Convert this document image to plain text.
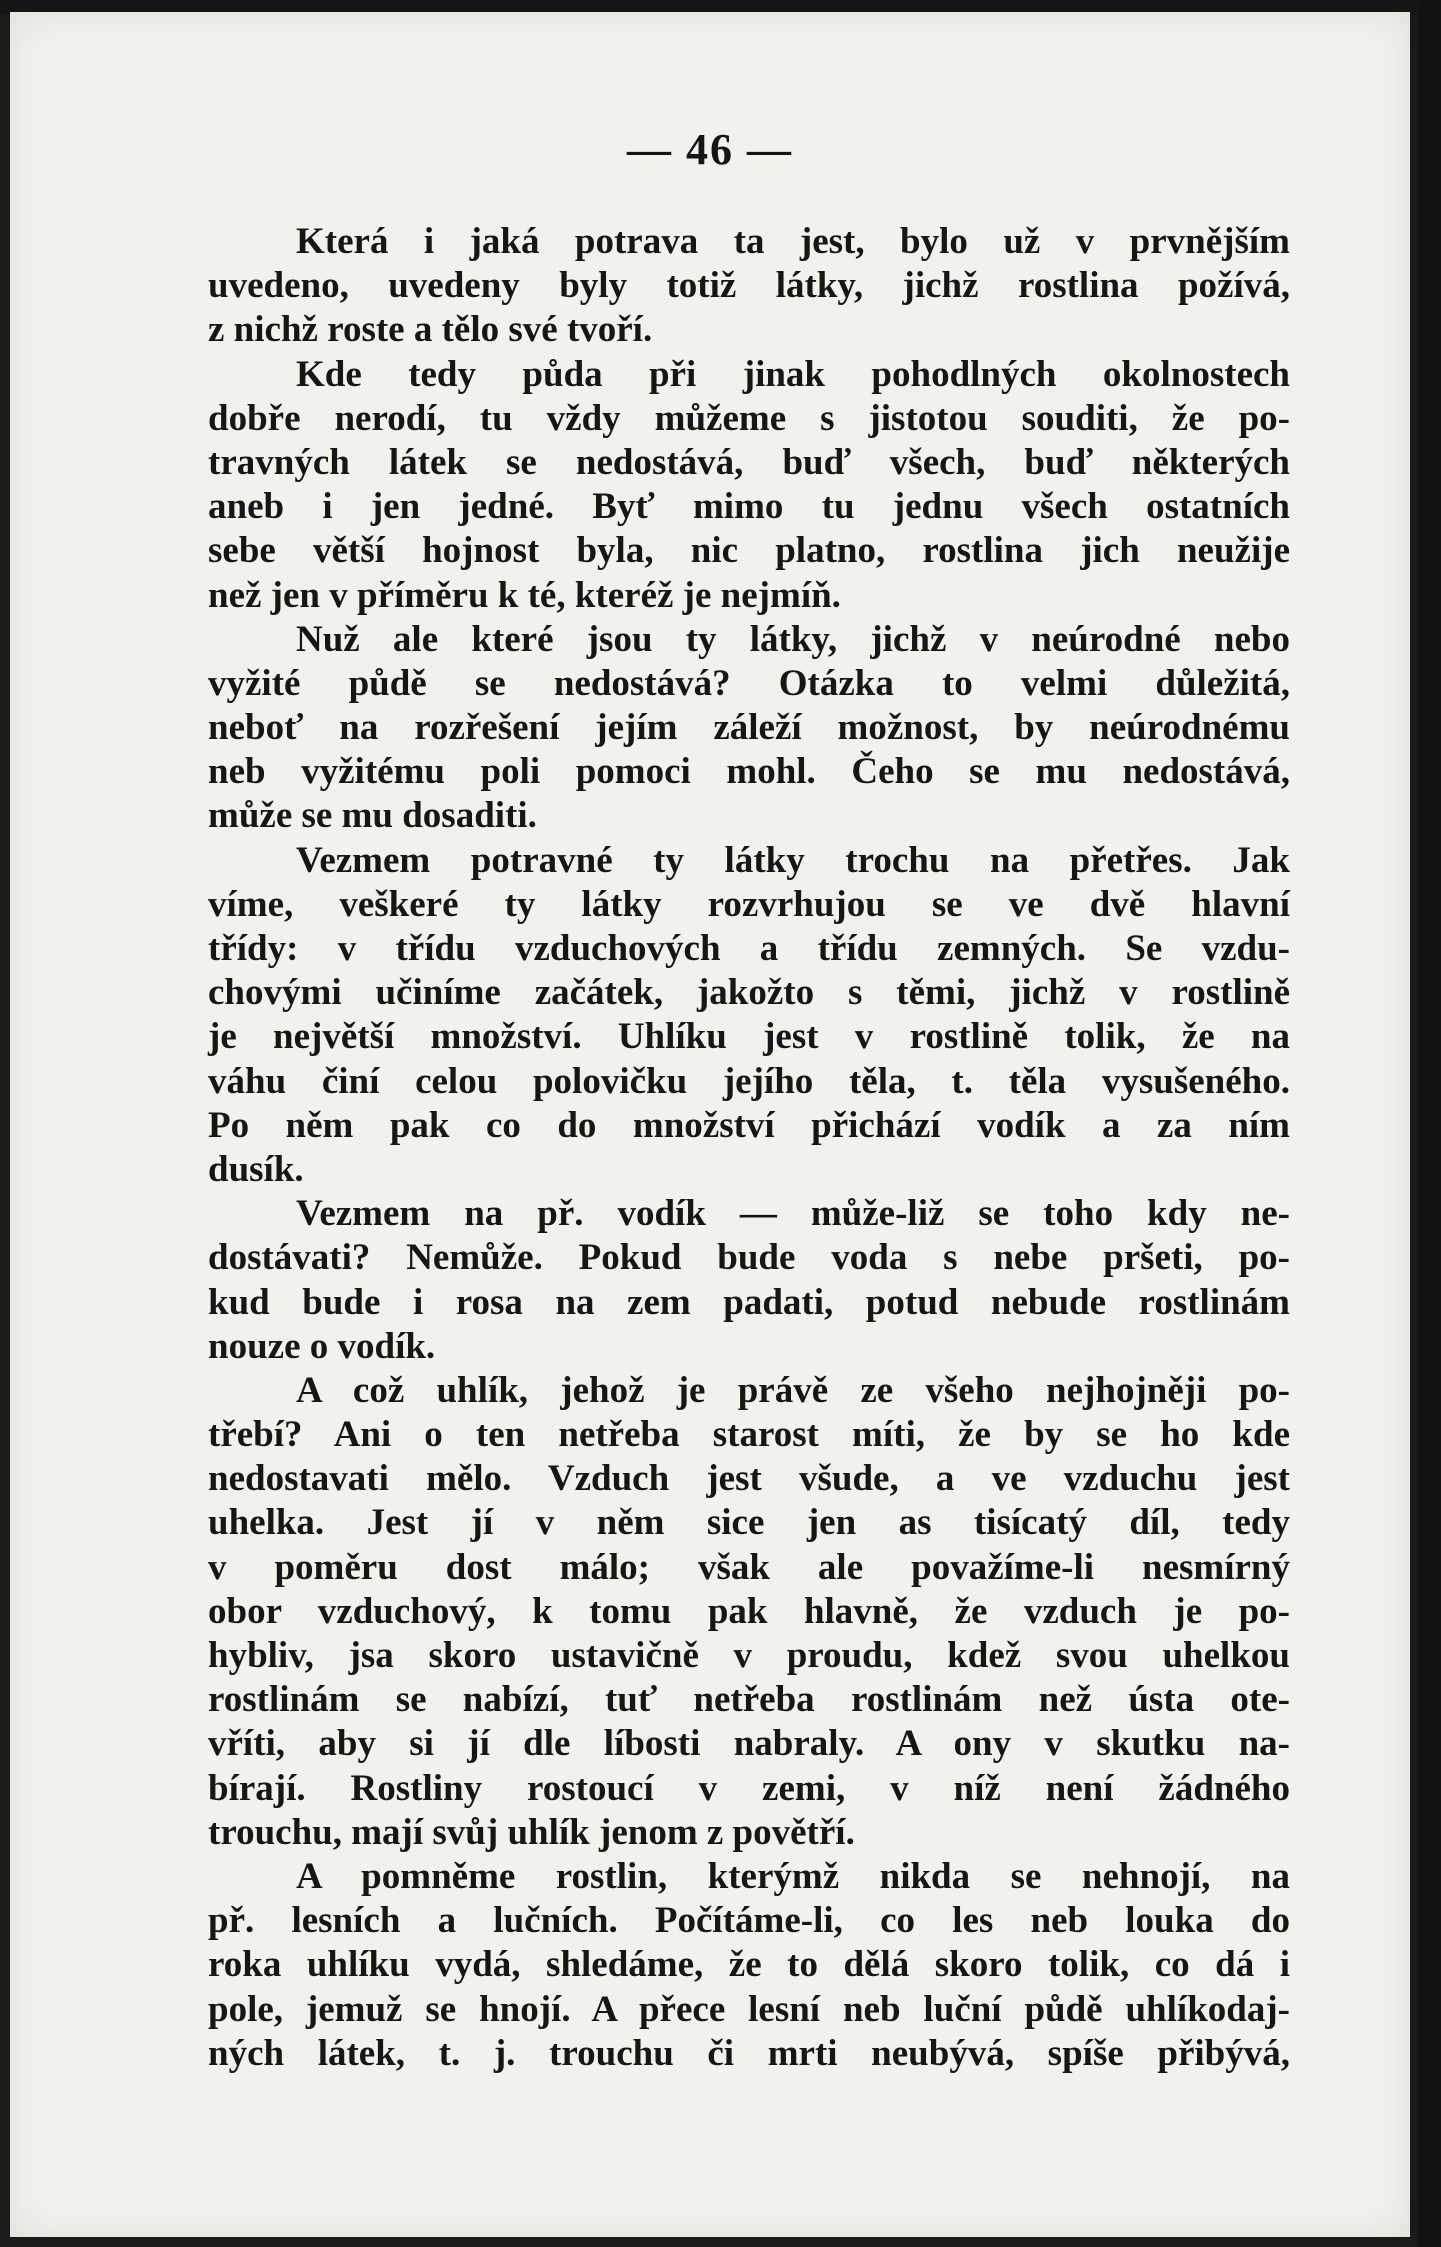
— 46 —
Která i jaká potrava ta jest, bylo už v prvnějším
uvedeno, uvedeny byly totiž látky, jichž rostlina požívá,
z nichž roste a tělo své tvoří.
Kde tedy půda při jinak pohodlných okolnostech
dobře nerodí, tu vždy můžeme s jistotou souditi, že po-
travných látek se nedostává, buď všech, buď některých
aneb i jen jedné. Byť mimo tu jednu všech ostatních
sebe větší hojnost byla, nic platno, rostlina jich neužije
než jen v příměru k té, kteréž je nejmíň.
Nuž ale které jsou ty látky, jichž v neúrodné nebo
vyžité půdě se nedostává? Otázka to velmi důležitá,
neboť na rozřešení jejím záleží možnost, by neúrodnému
neb vyžitému poli pomoci mohl. Čeho se mu nedostává,
může se mu dosaditi.
Vezmem potravné ty látky trochu na přetřes. Jak
víme, veškeré ty látky rozvrhujou se ve dvě hlavní
třídy: v třídu vzduchových a třídu zemných. Se vzdu-
chovými učiníme začátek, jakožto s těmi, jichž v rostlině
je největší množství. Uhlíku jest v rostlině tolik, že na
váhu činí celou polovičku jejího těla, t. těla vysušeného.
Po něm pak co do množství přichází vodík a za ním
dusík.
Vezmem na př. vodík — může-liž se toho kdy ne-
dostávati? Nemůže. Pokud bude voda s nebe pršeti, po-
kud bude i rosa na zem padati, potud nebude rostlinám
nouze o vodík.
A což uhlík, jehož je právě ze všeho nejhojněji po-
třebí? Ani o ten netřeba starost míti, že by se ho kde
nedostavati mělo. Vzduch jest všude, a ve vzduchu jest
uhelka. Jest jí v něm sice jen as tisícatý díl, tedy
v poměru dost málo; však ale považíme-li nesmírný
obor vzduchový, k tomu pak hlavně, že vzduch je po-
hybliv, jsa skoro ustavičně v proudu, kdež svou uhelkou
rostlinám se nabízí, tuť netřeba rostlinám než ústa ote-
vříti, aby si jí dle líbosti nabraly. A ony v skutku na-
bírají. Rostliny rostoucí v zemi, v níž není žádného
trouchu, mají svůj uhlík jenom z povětří.
A pomněme rostlin, kterýmž nikda se nehnojí, na
př. lesních a lučních. Počítáme-li, co les neb louka do
roka uhlíku vydá, shledáme, že to dělá skoro tolik, co dá i
pole, jemuž se hnojí. A přece lesní neb luční půdě uhlíkodaj-
ných látek, t. j. trouchu či mrti neubývá, spíše přibývá,
